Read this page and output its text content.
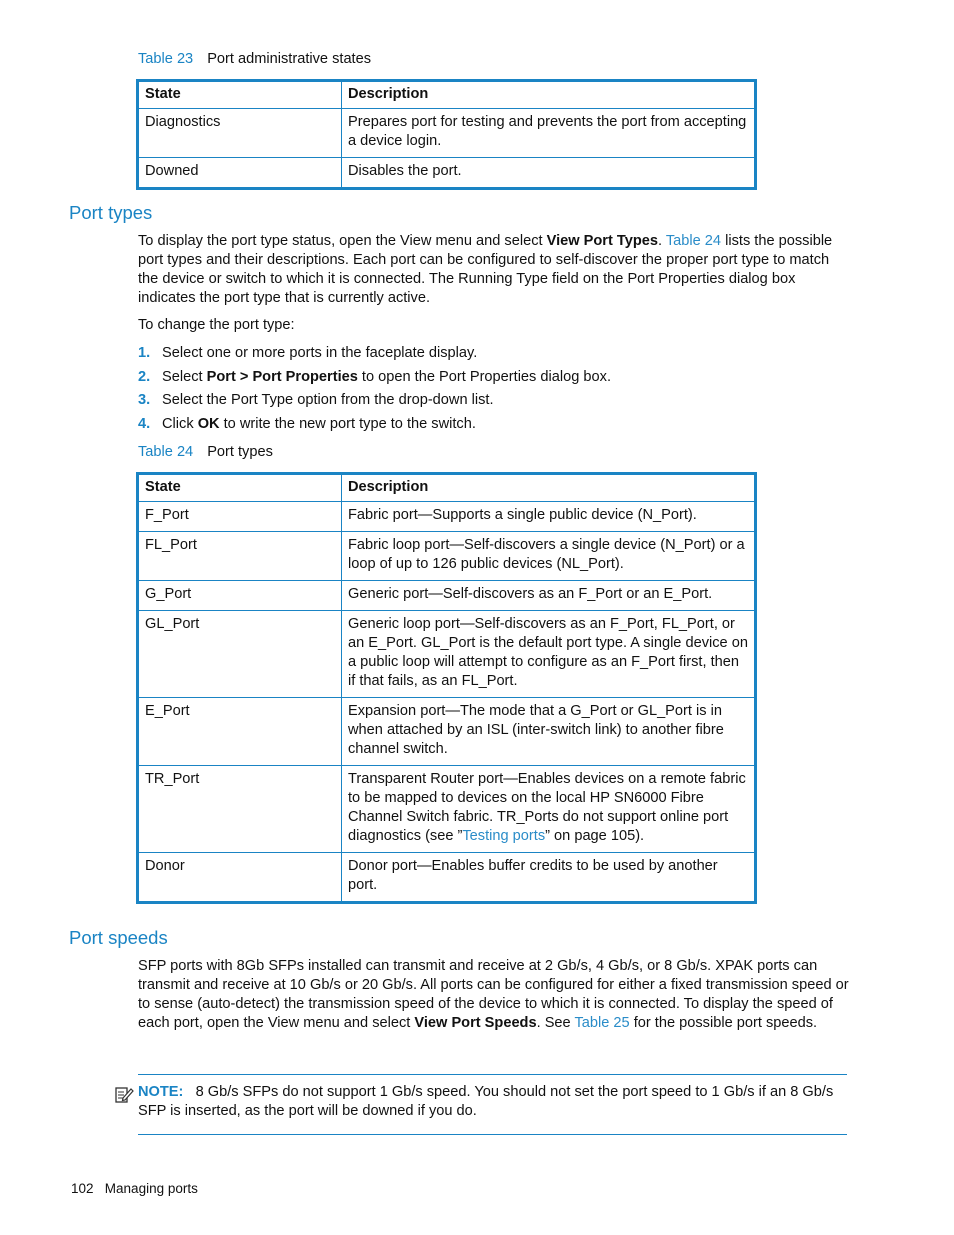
Table 23 Port administrative states
State	Description
Diagnostics	Prepares port for testing and prevents the port from accepting a device login.
Downed	Disables the port.
Port types
To display the port type status, open the View menu and select View Port Types. Table 24 lists the possible port types and their descriptions. Each port can be configured to self-discover the proper port type to match the device or switch to which it is connected. The Running Type field on the Port Properties dialog box indicates the port type that is currently active.
To change the port type:
1. Select one or more ports in the faceplate display.
2. Select Port > Port Properties to open the Port Properties dialog box.
3. Select the Port Type option from the drop-down list.
4. Click OK to write the new port type to the switch.
Table 24 Port types
State	Description
F_Port	Fabric port—Supports a single public device (N_Port).
FL_Port	Fabric loop port—Self-discovers a single device (N_Port) or a loop of up to 126 public devices (NL_Port).
G_Port	Generic port—Self-discovers as an F_Port or an E_Port.
GL_Port	Generic loop port—Self-discovers as an F_Port, FL_Port, or an E_Port. GL_Port is the default port type. A single device on a public loop will attempt to configure as an F_Port first, then if that fails, as an FL_Port.
E_Port	Expansion port—The mode that a G_Port or GL_Port is in when attached by an ISL (inter-switch link) to another fibre channel switch.
TR_Port	Transparent Router port—Enables devices on a remote fabric to be mapped to devices on the local HP SN6000 Fibre Channel Switch fabric. TR_Ports do not support online port diagnostics (see ”Testing ports” on page 105).
Donor	Donor port—Enables buffer credits to be used by another port.
Port speeds
SFP ports with 8Gb SFPs installed can transmit and receive at 2 Gb/s, 4 Gb/s, or 8 Gb/s. XPAK ports can transmit and receive at 10 Gb/s or 20 Gb/s. All ports can be configured for either a fixed transmission speed or to sense (auto-detect) the transmission speed of the device to which it is connected. To display the speed of each port, open the View menu and select View Port Speeds. See Table 25 for the possible port speeds.
NOTE: 8 Gb/s SFPs do not support 1 Gb/s speed. You should not set the port speed to 1 Gb/s if an 8 Gb/s SFP is inserted, as the port will be downed if you do.
102 Managing ports
